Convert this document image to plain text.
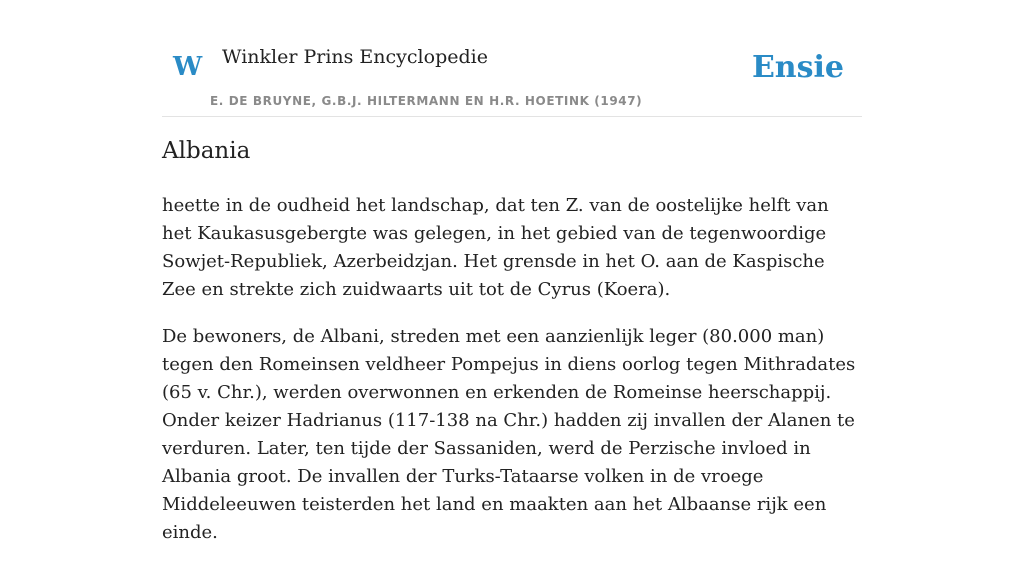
W Winkler Prins Encyclopedie
E. DE BRUYNE, G.B.J. HILTERMANN EN H.R. HOETINK (1947)
Ensie
Albania

heette in de oudheid het landschap, dat ten Z. van de oostelijke helft van het Kaukasusgebergte was gelegen, in het gebied van de tegenwoordige Sowjet-Republiek, Azerbeidzjan. Het grensde in het O. aan de Kaspische Zee en strekte zich zuidwaarts uit tot de Cyrus (Koera).

De bewoners, de Albani, streden met een aanzienlijk leger (80.000 man) tegen den Romeinsen veldheer Pompejus in diens oorlog tegen Mithradates (65 v. Chr.), werden overwonnen en erkenden de Romeinse heerschappij. Onder keizer Hadrianus (117-138 na Chr.) hadden zij invallen der Alanen te verduren. Later, ten tijde der Sassaniden, werd de Perzische invloed in Albania groot. De invallen der Turks-Tataarse volken in de vroege Middeleeuwen teisterden het land en maakten aan het Albaanse rijk een einde.
